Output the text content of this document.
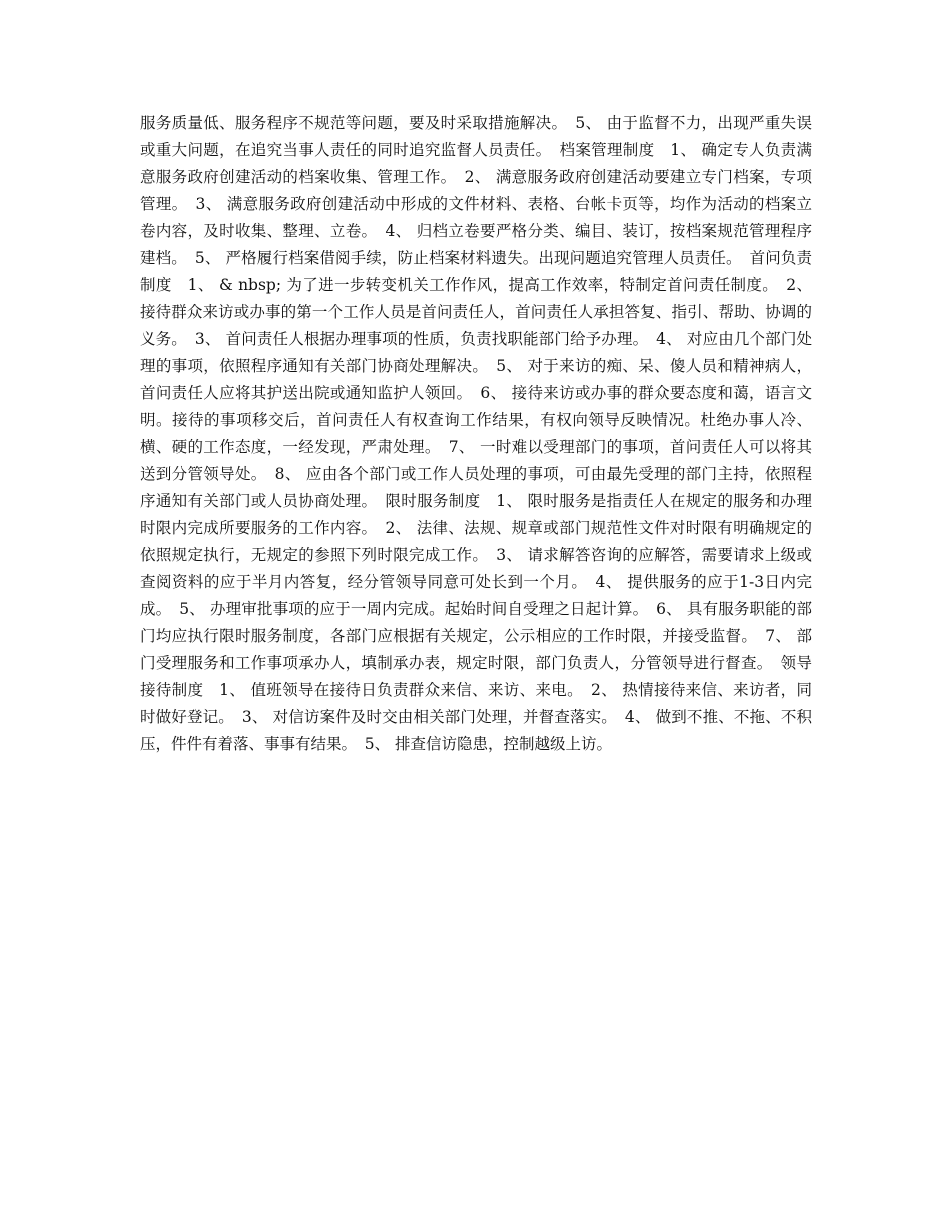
服务质量低、服务程序不规范等问题，要及时采取措施解决。　5、 由于监督不力，出现严重失误或重大问题，在追究当事人责任的同时追究监督人员责任。　档案管理制度　1、 确定专人负责满意服务政府创建活动的档案收集、管理工作。　2、 满意服务政府创建活动要建立专门档案，专项管理。　3、 满意服务政府创建活动中形成的文件材料、表格、台帐卡页等，均作为活动的档案立卷内容，及时收集、整理、立卷。　4、 归档立卷要严格分类、编目、装订，按档案规范管理程序建档。　5、 严格履行档案借阅手续，防止档案材料遗失。出现问题追究管理人员责任。　首问负责制度　1、 & nbsp; 为了进一步转变机关工作作风，提高工作效率，特制定首问责任制度。　2、 接待群众来访或办事的第一个工作人员是首问责任人，首问责任人承担答复、指引、帮助、协调的义务。　3、 首问责任人根据办理事项的性质，负责找职能部门给予办理。　4、 对应由几个部门处理的事项，依照程序通知有关部门协商处理解决。　5、 对于来访的痴、呆、傻人员和精神病人，首问责任人应将其护送出院或通知监护人领回。　6、 接待来访或办事的群众要态度和蔼，语言文明。接待的事项移交后，首问责任人有权查询工作结果，有权向领导反映情况。杜绝办事人冷、横、硬的工作态度，一经发现，严肃处理。　7、 一时难以受理部门的事项，首问责任人可以将其送到分管领导处。　8、 应由各个部门或工作人员处理的事项，可由最先受理的部门主持，依照程序通知有关部门或人员协商处理。　限时服务制度　1、 限时服务是指责任人在规定的服务和办理时限内完成所要服务的工作内容。　2、 法律、法规、规章或部门规范性文件对时限有明确规定的依照规定执行，无规定的参照下列时限完成工作。　3、 请求解答咨询的应解答，需要请求上级或查阅资料的应于半月内答复，经分管领导同意可处长到一个月。　4、 提供服务的应于1-3日内完成。　5、 办理审批事项的应于一周内完成。起始时间自受理之日起计算。　6、 具有服务职能的部门均应执行限时服务制度，各部门应根据有关规定，公示相应的工作时限，并接受监督。　7、 部门受理服务和工作事项承办人，填制承办表，规定时限，部门负责人，分管领导进行督查。　领导接待制度　1、 值班领导在接待日负责群众来信、来访、来电。　2、 热情接待来信、来访者，同时做好登记。　3、 对信访案件及时交由相关部门处理，并督查落实。　4、 做到不推、不拖、不积压，件件有着落、事事有结果。　5、 排查信访隐患，控制越级上访。
